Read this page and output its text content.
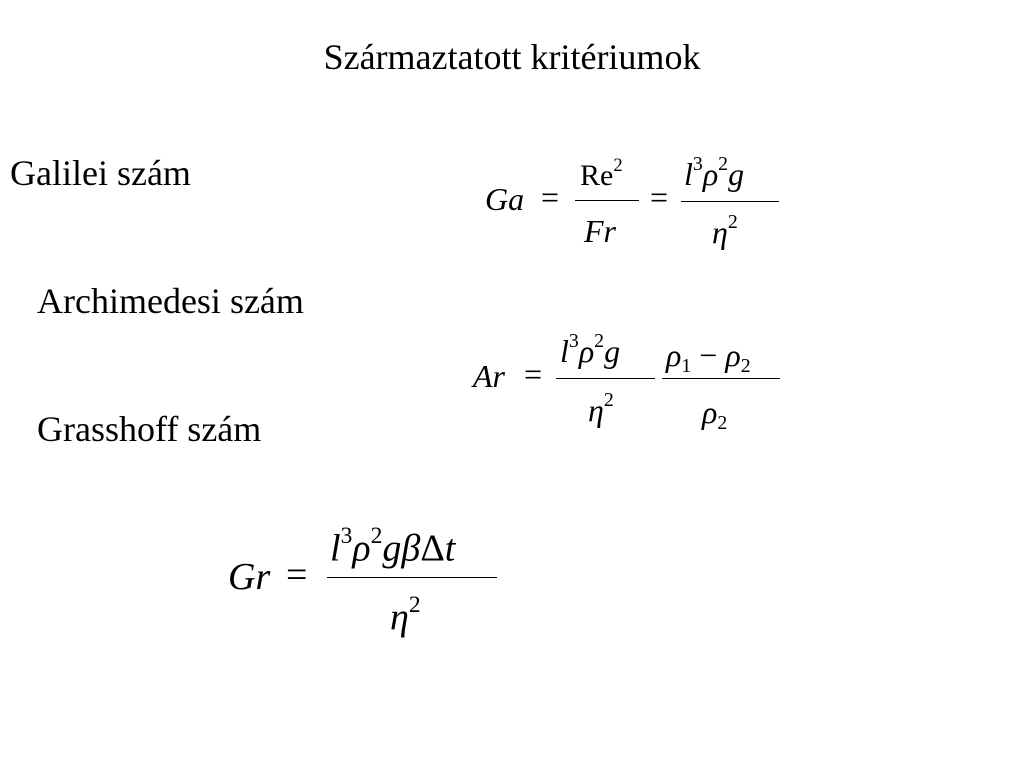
Származtatott kritériumok
Galilei szám
Archimedesi szám
Grasshoff szám
Ga =
$Re^2$
Fr
=
$l^3\rho^2g$
$\eta^2$
Ar =
$l^3\rho^2g$
$\eta^2$
$\rho_1 - \rho_2$
$\rho_2$
Gr =
$l^3\rho^2g\beta\Delta t$
$\eta^2$
